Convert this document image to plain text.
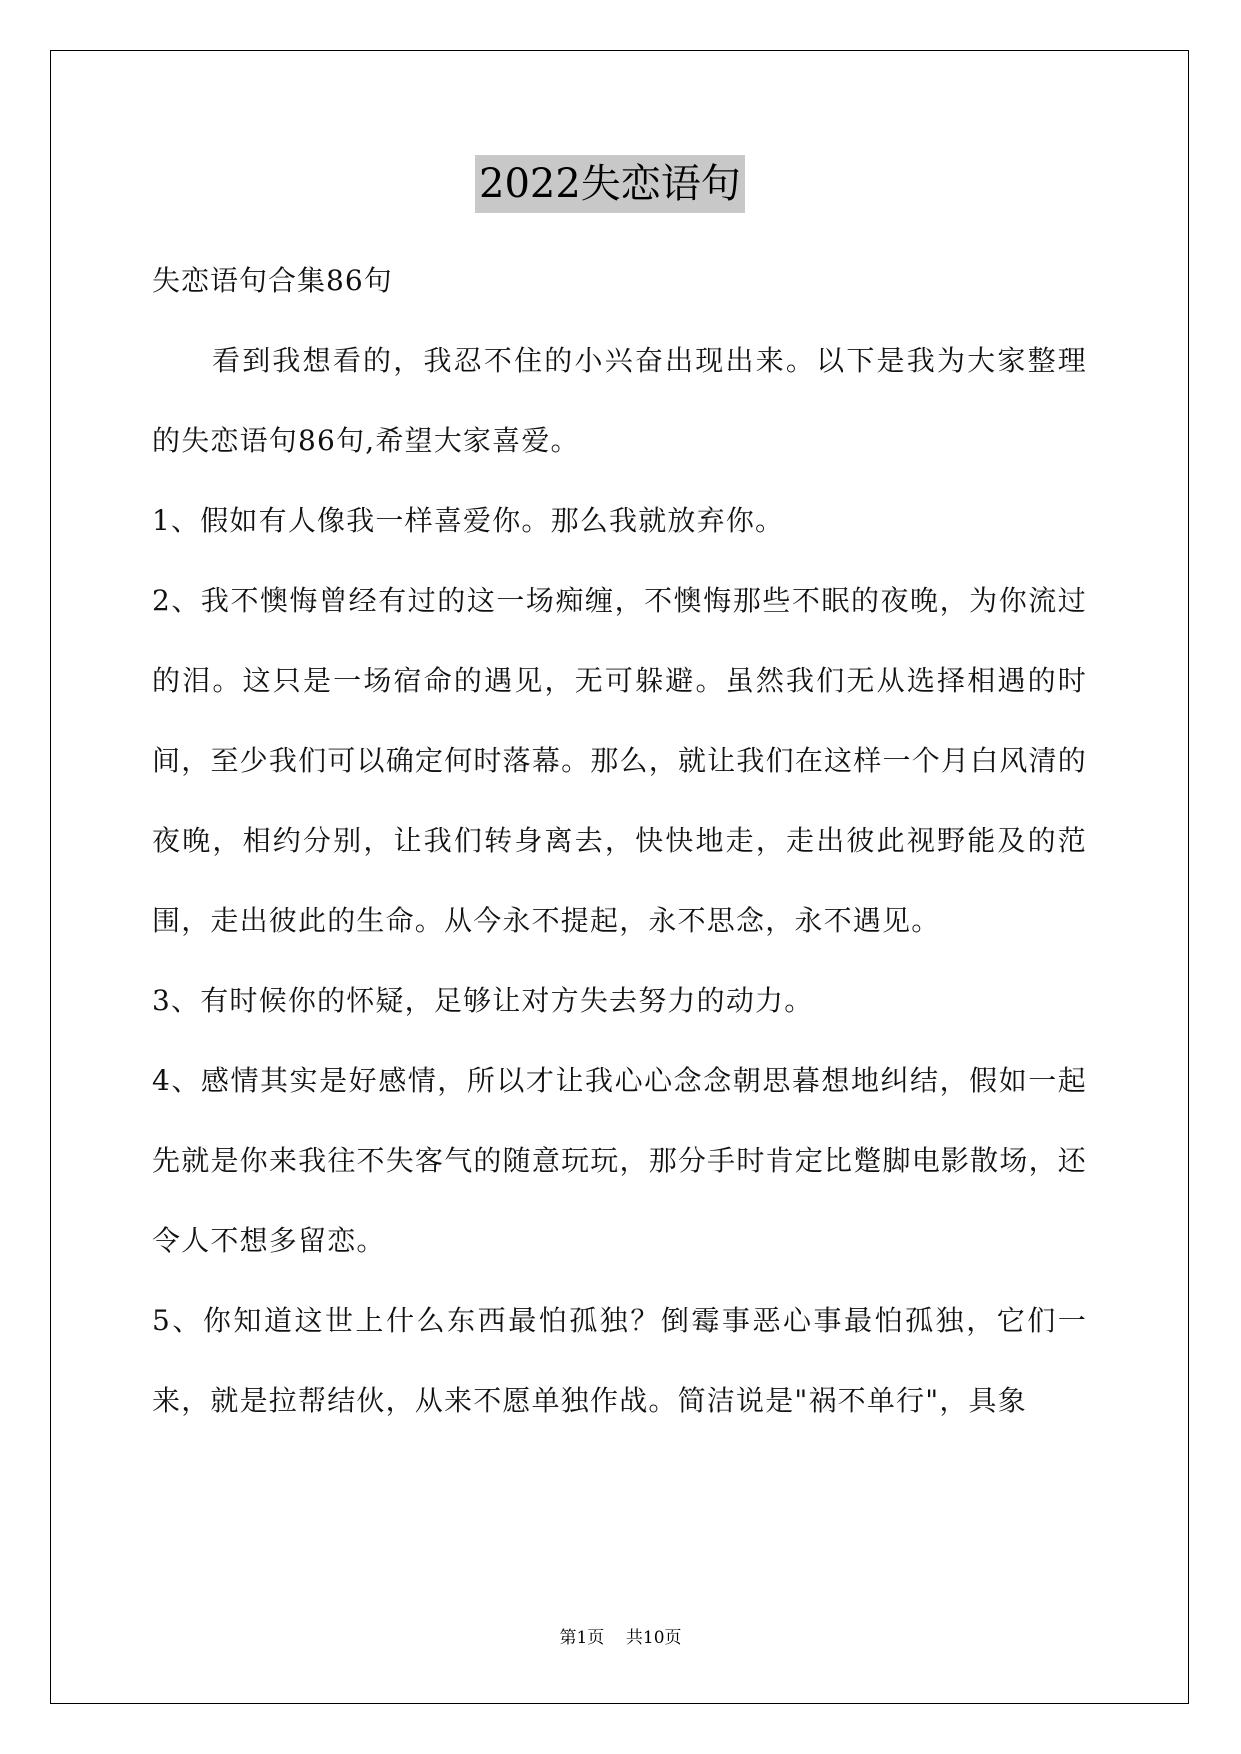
2022失恋语句

失恋语句合集86句

看到我想看的，我忍不住的小兴奋出现出来。以下是我为大家整理的失恋语句86句,希望大家喜爱。

1、假如有人像我一样喜爱你。那么我就放弃你。

2、我不懊悔曾经有过的这一场痴缠，不懊悔那些不眠的夜晚，为你流过的泪。这只是一场宿命的遇见，无可躲避。虽然我们无从选择相遇的时间，至少我们可以确定何时落幕。那么，就让我们在这样一个月白风清的夜晚，相约分别，让我们转身离去，快快地走，走出彼此视野能及的范围，走出彼此的生命。从今永不提起，永不思念，永不遇见。

3、有时候你的怀疑，足够让对方失去努力的动力。

4、感情其实是好感情，所以才让我心心念念朝思暮想地纠结，假如一起先就是你来我往不失客气的随意玩玩，那分手时肯定比蹩脚电影散场，还令人不想多留恋。

5、你知道这世上什么东西最怕孤独？倒霉事恶心事最怕孤独，它们一来，就是拉帮结伙，从来不愿单独作战。简洁说是"祸不单行"，具象

第1页 共10页
